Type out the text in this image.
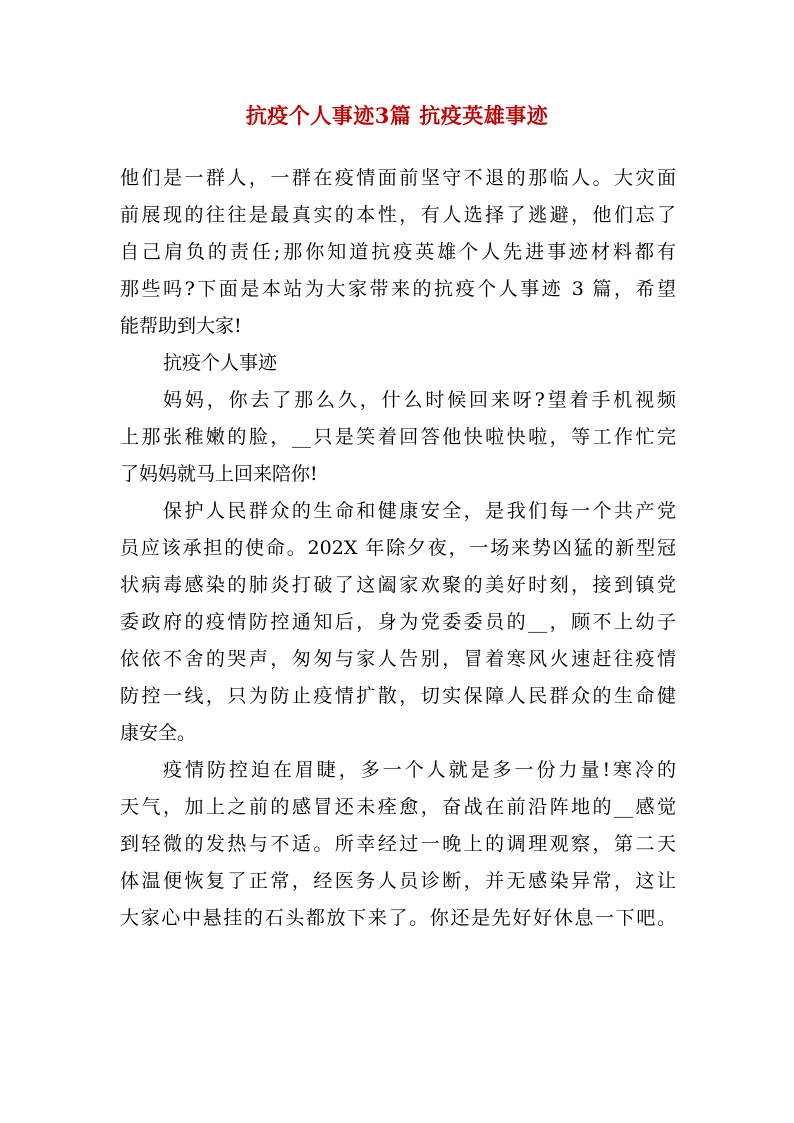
抗疫个人事迹3篇 抗疫英雄事迹
他们是一群人，一群在疫情面前坚守不退的那临人。大灾面
前展现的往往是最真实的本性，有人选择了逃避，他们忘了
自己肩负的责任;那你知道抗疫英雄个人先进事迹材料都有
那些吗?下面是本站为大家带来的抗疫个人事迹 3 篇，希望
能帮助到大家!
抗疫个人事迹
妈妈，你去了那么久，什么时候回来呀?望着手机视频
上那张稚嫩的脸，__只是笑着回答他快啦快啦，等工作忙完
了妈妈就马上回来陪你!
保护人民群众的生命和健康安全，是我们每一个共产党
员应该承担的使命。202X 年除夕夜，一场来势凶猛的新型冠
状病毒感染的肺炎打破了这阖家欢聚的美好时刻，接到镇党
委政府的疫情防控通知后，身为党委委员的__，顾不上幼子
依依不舍的哭声，匆匆与家人告别，冒着寒风火速赶往疫情
防控一线，只为防止疫情扩散，切实保障人民群众的生命健
康安全。
疫情防控迫在眉睫，多一个人就是多一份力量!寒冷的
天气，加上之前的感冒还未痊愈，奋战在前沿阵地的__感觉
到轻微的发热与不适。所幸经过一晚上的调理观察，第二天
体温便恢复了正常，经医务人员诊断，并无感染异常，这让
大家心中悬挂的石头都放下来了。你还是先好好休息一下吧。
